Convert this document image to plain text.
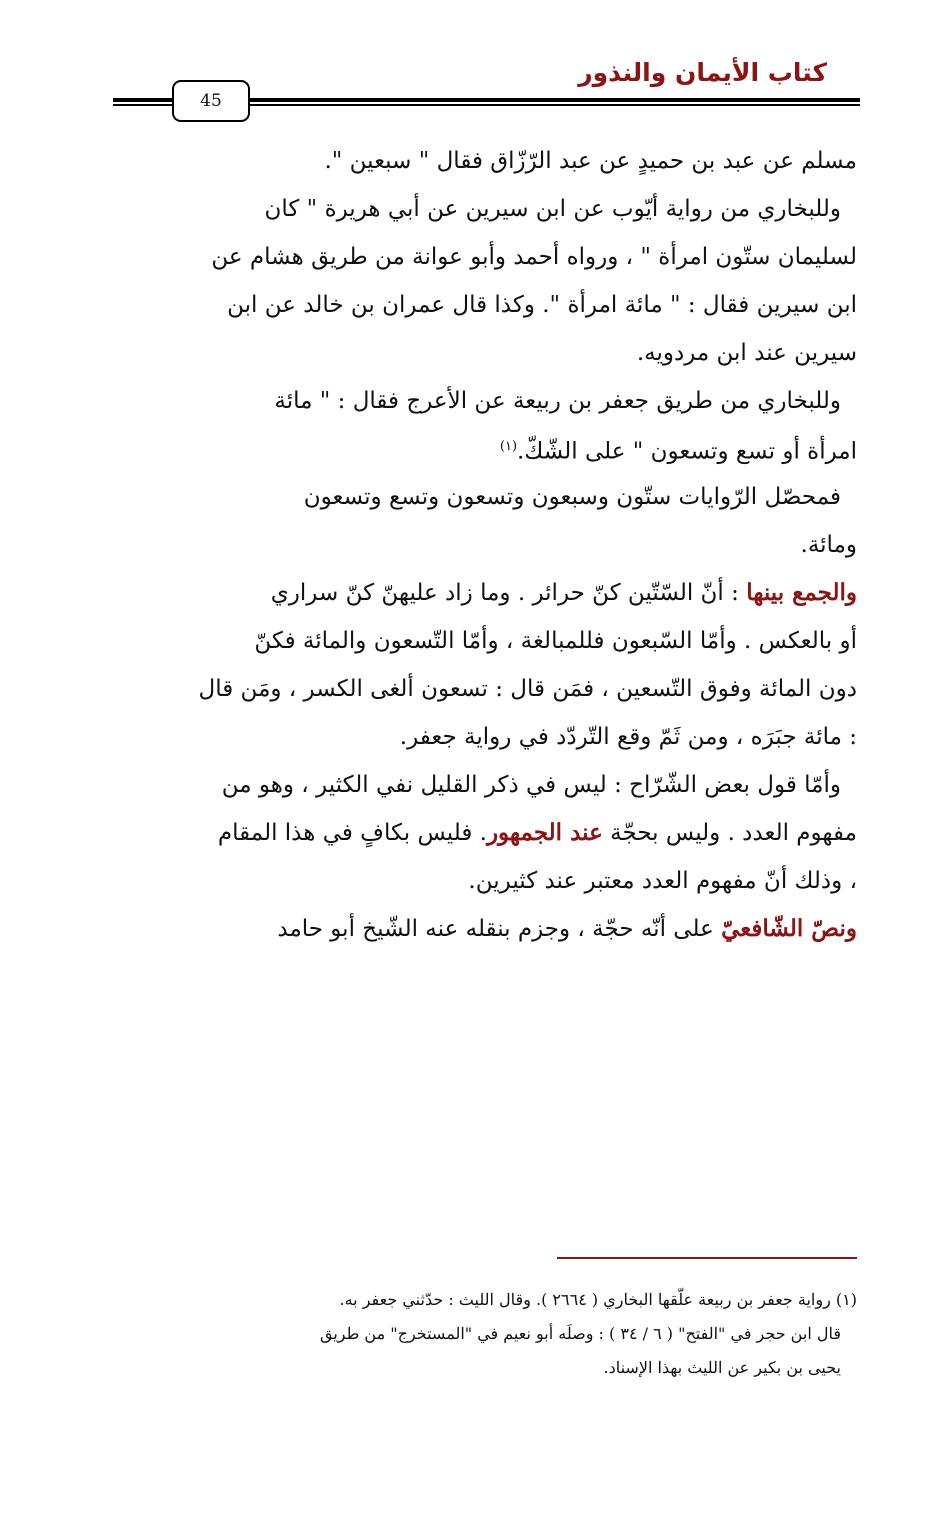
كتاب الأيمان والنذور
45
مسلم عن عبد بن حميدٍ عن عبد الرّزّاق فقال " سبعين ".
وللبخاري من رواية أيّوب عن ابن سيرين عن أبي هريرة " كان
لسليمان ستّون امرأة " ، ورواه أحمد وأبو عوانة من طريق هشام عن
ابن سيرين فقال : " مائة امرأة ". وكذا قال عمران بن خالد عن ابن
سيرين عند ابن مردويه.
وللبخاري من طريق جعفر بن ربيعة عن الأعرج فقال : " مائة
امرأة أو تسع وتسعون " على الشّكّ.$^{(١)}$
فمحصّل الرّوايات ستّون وسبعون وتسعون وتسع وتسعون
ومائة.
والجمع بينها : أنّ السّتّين كنّ حرائر . وما زاد عليهنّ كنّ سراري
أو بالعكس . وأمّا السّبعون فللمبالغة ، وأمّا التّسعون والمائة فكنّ
دون المائة وفوق التّسعين ، فمَن قال : تسعون ألغى الكسر ، ومَن قال
: مائة جبَرَه ، ومن ثَمّ وقع التّردّد في رواية جعفر.
وأمّا قول بعض الشّرّاح : ليس في ذكر القليل نفي الكثير ، وهو من
مفهوم العدد . وليس بحجّة عند الجمهور. فليس بكافٍ في هذا المقام
، وذلك أنّ مفهوم العدد معتبر عند كثيرين.
ونصّ الشّافعيّ على أنّه حجّة ، وجزم بنقله عنه الشّيخ أبو حامد
(١) رواية جعفر بن ربيعة علّقها البخاري ( ٢٦٦٤ ). وقال الليث : حدّثني جعفر به.
قال ابن حجر في "الفتح" ( ٦ / ٣٤ ) : وصلَه أبو نعيم في "المستخرج" من طريق
يحيى بن بكير عن الليث بهذا الإسناد.
